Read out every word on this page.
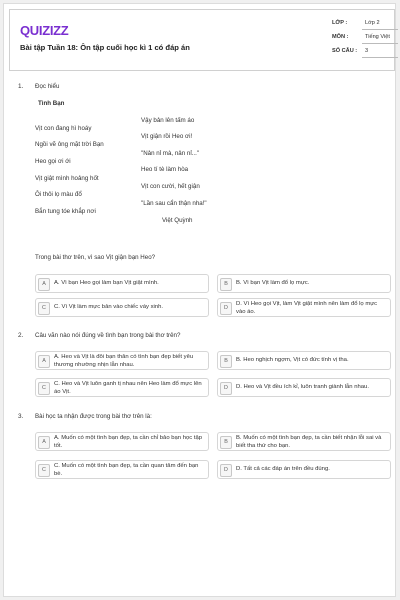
QUIZIZZ
Bài tập Tuần 18: Ôn tập cuối học kì 1 có đáp án
LỚP :	Lớp 2
MÔN :	Tiếng Việt
SỐ CÂU : 3
1. Đọc hiểu
Tình Bạn
Vậy bản lên tấm áo
Vịt con đang hì hoáy
Vịt giận rồi Heo ơi!
Ngồi vẽ ông mặt trời Bạn
"Nản nỉ mà, nản nỉ..."
Heo gọi ơi ới
Heo tí tè làm hòa
Vịt giật mình hoảng hốt
Vịt con cười, hết giận
Ôi thôi lọ màu đổ
"Lần sau cẩn thận nha!"
Bắn tung tóe khắp nơi
Việt Quỳnh
Trong bài thơ trên, vì sao Vịt giận bạn Heo?
A	A. Vì bạn Heo gọi làm bạn Vịt giật mình.	B	B. Vì bạn Vịt làm đổ lọ mực.
C	C. Vì Vịt làm mực bản vào chiếc váy xinh.	D
D. Vì Heo gọi Vịt, làm Vịt giật mình nên làm đổ lọ mực vào áo.
2. Câu văn nào nói đúng về tình bạn trong bài thơ trên?
A
A. Heo và Vịt là đôi bạn thân có tình bạn đẹp biết yêu thương nhường nhịn lẫn nhau.
B	B. Heo nghịch ngợm, Vịt có đức tính vị tha.
C
C. Heo và Vịt luôn ganh tị nhau nên Heo làm đổ mực lên áo Vịt.
D	D. Heo và Vịt đều ích kỉ, luôn tranh giành lẫn nhau.
3. Bài học ta nhận được trong bài thơ trên là:
A
A. Muốn có một tình bạn đẹp, ta cần chỉ bảo bạn học tập tốt.
B
B. Muốn có một tình bạn đẹp, ta cần biết nhận lỗi sai và biết tha thứ cho bạn.
C
C. Muốn có một tình bạn đẹp, ta cần quan tâm đến bạn bè.
D	D. Tất cả các đáp án trên đều đúng.
